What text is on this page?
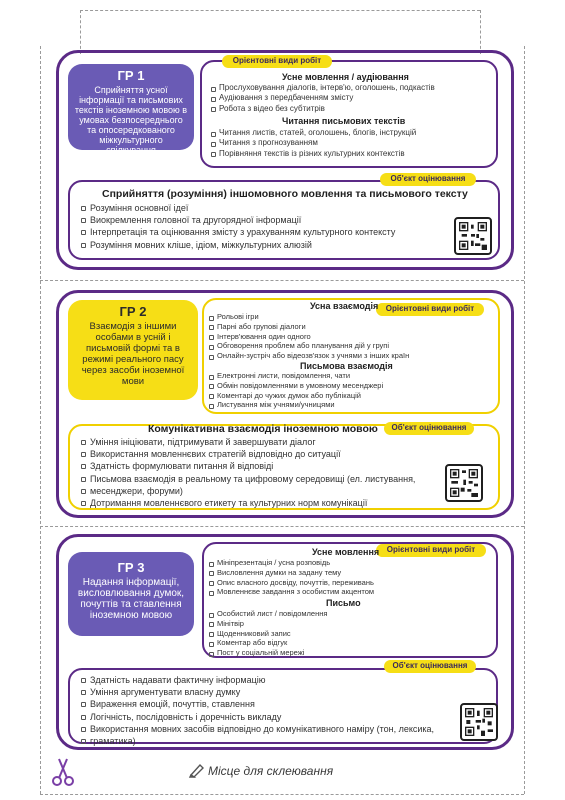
ГР 1
Сприйняття усної інформації та письмових текстів іноземною мовою в умовах безпосереднього та опосередкованого міжкультурного спілкування
Орієнтовні види робіт
Усне мовлення / аудіювання
Прослуховування діалогів, інтерв'ю, оголошень, подкастів
Аудіювання з передбаченням змісту
Робота з відео без субтитрів
Читання письмових текстів
Читання листів, статей, оголошень, блогів, інструкцій
Читання з прогнозуванням
Порівняння текстів із різних культурних контекстів
Об'єкт оцінювання
Сприйняття (розуміння) іншомовного мовлення та письмового тексту
Розуміння основної ідеї
Виокремлення головної та другорядної інформації
Інтерпретація та оцінювання змісту з урахуванням культурного контексту
Розуміння мовних кліше, ідіом, міжкультурних алюзій
ГР 2
Взаємодія з іншими особами в усній і письмовій формі та в режимі реального пасу через засоби іноземної мови
Орієнтовні види робіт
Усна взаємодія
Рольові ігри
Парні або групові діалоги
Інтерв'ювання один одного
Обговорення проблем або планування дій у групі
Онлайн-зустріч або відеозв'язок з учнями з інших країн
Письмова взаємодія
Електронні листи, повідомлення, чати
Обмін повідомленнями в умовному месенджері
Коментарі до чужих думок або публікацій
Листування між учнями/учницями
Об'єкт оцінювання
Комунікативна взаємодія іноземною мовою
Уміння ініціювати, підтримувати й завершувати діалог
Використання мовленнєвих стратегій відповідно до ситуації
Здатність формулювати питання й відповіді
Письмова взаємодія в реальному та цифровому середовищі (ел. листування,
месенджери, форуми)
Дотримання мовленнєвого етикету та культурних норм комунікації
ГР 3
Надання інформації, висловлювання думок, почуттів та ставлення іноземною мовою
Орієнтовні види робіт
Усне мовлення
Мініпрезентація / усна розповідь
Висловлення думки на задану тему
Опис власного досвіду, почуттів, переживань
Мовленнєве завдання з особистим акцентом
Письмо
Особистий лист / повідомлення
Мінітвір
Щоденниковий запис
Коментар або відгук
Пост у соціальній мережі
Об'єкт оцінювання
Здатність надавати фактичну інформацію
Уміння аргументувати власну думку
Вираження емоцій, почуттів, ставлення
Логічність, послідовність і доречність викладу
Використання мовних засобів відповідно до комунікативного наміру (тон, лексика,
граматика)
Місце для склеювання
